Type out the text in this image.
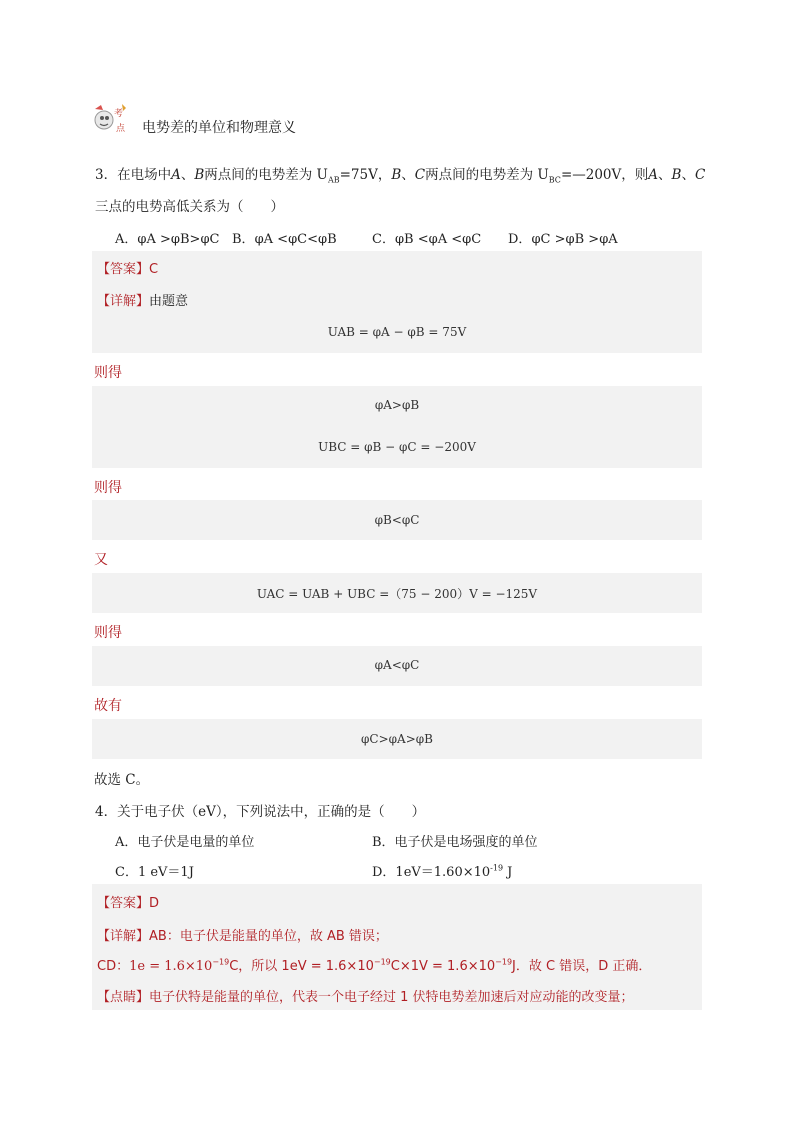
考
点 电势差的单位和物理意义
3．在电场中A、B两点间的电势差为 $U_{AB}=75V$，B、C两点间的电势差为 $U_{BC}=—200V$，则A、B、C
三点的电势高低关系为（　　）
A．φA >φB>φC B．φA <φC<φB	C．φB <φA <φC D．φC >φB >φA
【答案】C
【详解】由题意
UAB = φA − φB = 75V
则得
φA>φB
UBC = φB − φC = −200V
则得
φB<φC
又
UAC = UAB + UBC =（75 − 200）V = −125V
则得
φA<φC
故有
φC>φA>φB
故选 C。
4．关于电子伏（eV），下列说法中，正确的是（　　）
A．电子伏是电量的单位	B．电子伏是电场强度的单位
C．1 eV＝1J	D．$1eV=1.60\times 10^{-19}$ J
【答案】D
【详解】AB：电子伏是能量的单位，故 AB 错误；
CD：$1e = 1.6\times 10^{-19}C$，所以 $1eV = 1.6\times 10^{-19}C\times 1V = 1.6\times 10^{-19}J$．故 C 错误，D 正确．
【点睛】电子伏特是能量的单位，代表一个电子经过 1 伏特电势差加速后对应动能的改变量；
